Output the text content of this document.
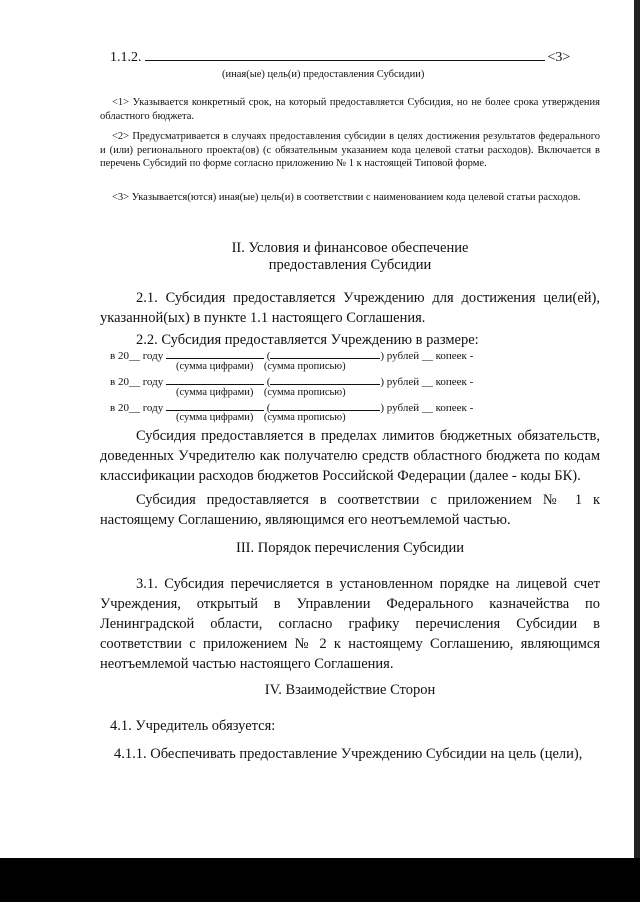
1.1.2.	<3>
(иная(ые) цель(и) предоставления Субсидии)

<1> Указывается конкретный срок, на который предоставляется Субсидия, но не более срока утверждения областного бюджета.

<2> Предусматривается в случаях предоставления субсидии в целях достижения результатов федерального и (или) регионального проекта(ов) (с обязательным указанием кода целевой статьи расходов). Включается в перечень Субсидий по форме согласно приложению № 1 к настоящей Типовой форме.

<3> Указывается(ются) иная(ые) цель(и) в соответствии с наименованием кода целевой статьи расходов.

II. Условия и финансовое обеспечение
предоставления Субсидии

2.1. Субсидия предоставляется Учреждению для достижения цели(ей), указанной(ых) в пункте 1.1 настоящего Соглашения.

2.2. Субсидия предоставляется Учреждению в размере:

в 20__ году	(	) рублей __ копеек -
(сумма цифрами) (сумма прописью)
в 20__ году	(	) рублей __ копеек -
(сумма цифрами) (сумма прописью)
в 20__ году	(	) рублей __ копеек -
(сумма цифрами) (сумма прописью)

Субсидия предоставляется в пределах лимитов бюджетных обязательств, доведенных Учредителю как получателю средств областного бюджета по кодам классификации расходов бюджетов Российской Федерации (далее - коды БК).

Субсидия предоставляется в соответствии с приложением № 1 к настоящему Соглашению, являющимся его неотъемлемой частью.

III. Порядок перечисления Субсидии

3.1. Субсидия перечисляется в установленном порядке на лицевой счет Учреждения, открытый в Управлении Федерального казначейства по Ленинградской области, согласно графику перечисления Субсидии в соответствии с приложением № 2 к настоящему Соглашению, являющимся неотъемлемой частью настоящего Соглашения.

IV. Взаимодействие Сторон

4.1. Учредитель обязуется:

4.1.1. Обеспечивать предоставление Учреждению Субсидии на цель (цели),
